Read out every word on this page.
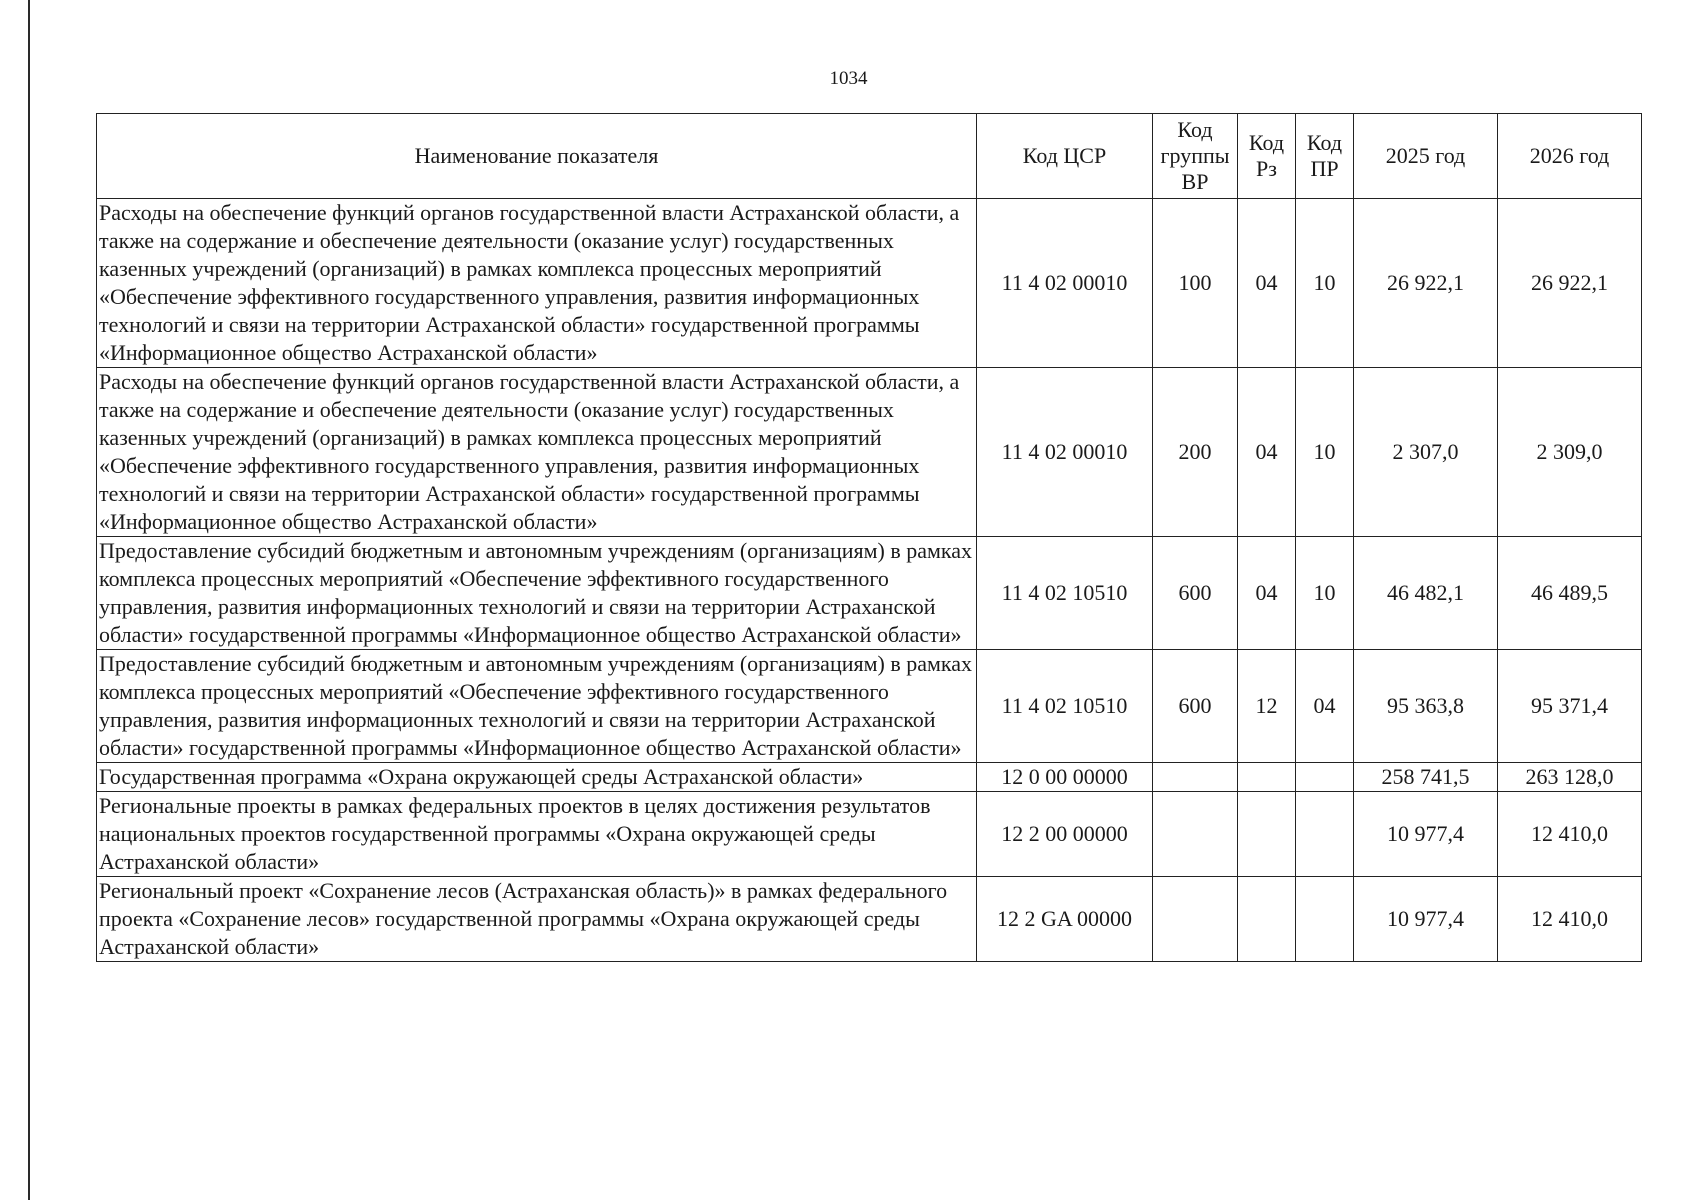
1034
Наименование показателя	Код ЦСР	Код группы ВР	Код Рз	Код ПР	2025 год	2026 год
Расходы на обеспечение функций органов государственной власти Астраханской области, а также на содержание и обеспечение деятельности (оказание услуг) государственных казенных учреждений (организаций) в рамках комплекса процессных мероприятий «Обеспечение эффективного государственного управления, развития информационных технологий и связи на территории Астраханской области» государственной программы «Информационное общество Астраханской области»	11 4 02 00010	100	04	10	26 922,1	26 922,1
Расходы на обеспечение функций органов государственной власти Астраханской области, а также на содержание и обеспечение деятельности (оказание услуг) государственных казенных учреждений (организаций) в рамках комплекса процессных мероприятий «Обеспечение эффективного государственного управления, развития информационных технологий и связи на территории Астраханской области» государственной программы «Информационное общество Астраханской области»	11 4 02 00010	200	04	10	2 307,0	2 309,0
Предоставление субсидий бюджетным и автономным учреждениям (организациям) в рамках комплекса процессных мероприятий «Обеспечение эффективного государственного управления, развития информационных технологий и связи на территории Астраханской области» государственной программы «Информационное общество Астраханской области»	11 4 02 10510	600	04	10	46 482,1	46 489,5
Предоставление субсидий бюджетным и автономным учреждениям (организациям) в рамках комплекса процессных мероприятий «Обеспечение эффективного государственного управления, развития информационных технологий и связи на территории Астраханской области» государственной программы «Информационное общество Астраханской области»	11 4 02 10510	600	12	04	95 363,8	95 371,4
Государственная программа «Охрана окружающей среды Астраханской области»	12 0 00 00000				258 741,5	263 128,0
Региональные проекты в рамках федеральных проектов в целях достижения результатов национальных проектов государственной программы «Охрана окружающей среды Астраханской области»	12 2 00 00000				10 977,4	12 410,0
Региональный проект «Сохранение лесов (Астраханская область)» в рамках федерального проекта «Сохранение лесов» государственной программы «Охрана окружающей среды Астраханской области»	12 2 GA 00000				10 977,4	12 410,0
